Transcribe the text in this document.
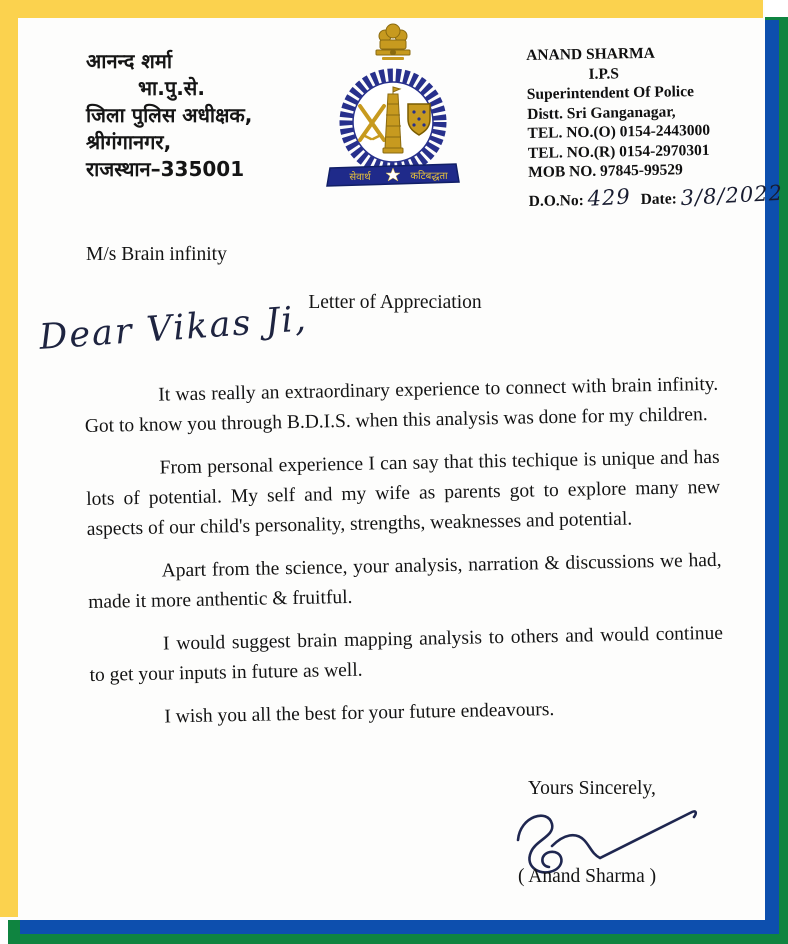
आनन्द शर्मा
भा.पु.से.
जिला पुलिस अधीक्षक,
श्रीगंगानगर,
राजस्थान–335001	सेवार्थ	कटिबद्धता
ANAND SHARMA
I.P.S
Superintendent Of Police
Distt. Sri Ganganagar,
TEL. NO.(O) 0154-2443000
TEL. NO.(R) 0154-2970301
MOB NO. 97845-99529
D.O.No: 429 Date: 3/8/2022
M/s Brain infinity
Letter of Appreciation
Dear Vikas Ji,

It was really an extraordinary experience to connect with brain infinity. Got to know you through B.D.I.S. when this analysis was done for my children.

From personal experience I can say that this techique is unique and has lots of potential. My self and my wife as parents got to explore many new aspects of our child's personality, strengths, weaknesses and potential.

Apart from the science, your analysis, narration & discussions we had, made it more anthentic & fruitful.

I would suggest brain mapping analysis to others and would continue to get your inputs in future as well.

I wish you all the best for your future endeavours.

Yours Sincerely,
( Anand Sharma )
